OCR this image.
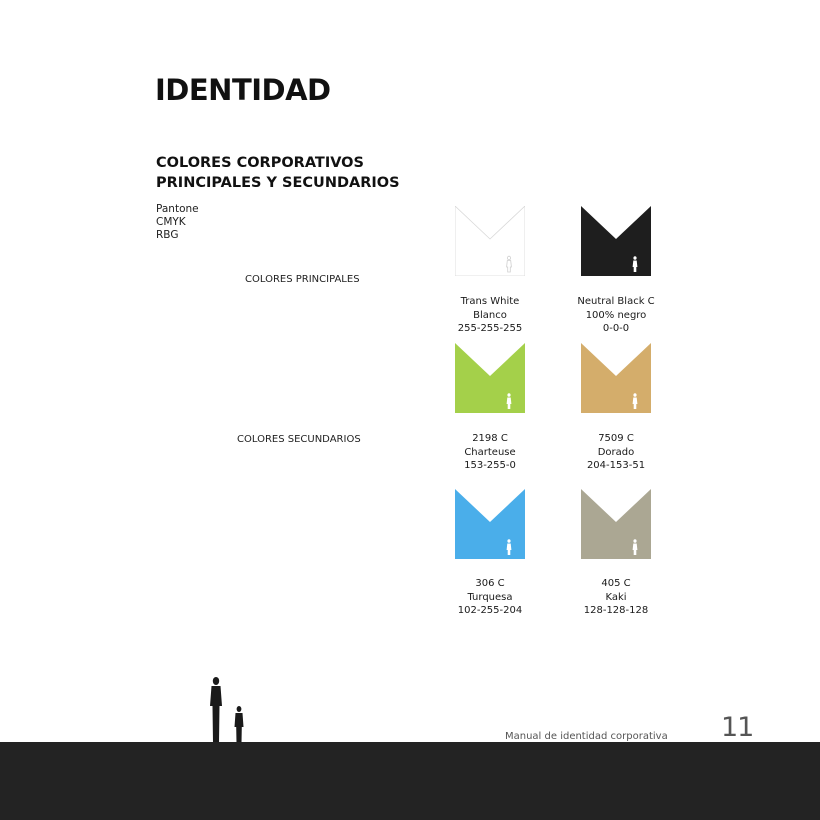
IDENTIDAD
COLORES CORPORATIVOS
PRINCIPALES Y SECUNDARIOS
Pantone
CMYK
RBG
COLORES PRINCIPALES
COLORES SECUNDARIOS
Trans White
Blanco
255-255-255
Neutral Black C
100% negro
0-0-0
2198 C
Charteuse
153-255-0
7509 C
Dorado
204-153-51
306 C
Turquesa
102-255-204
405 C
Kaki
128-128-128
Manual de identidad corporativa 11
